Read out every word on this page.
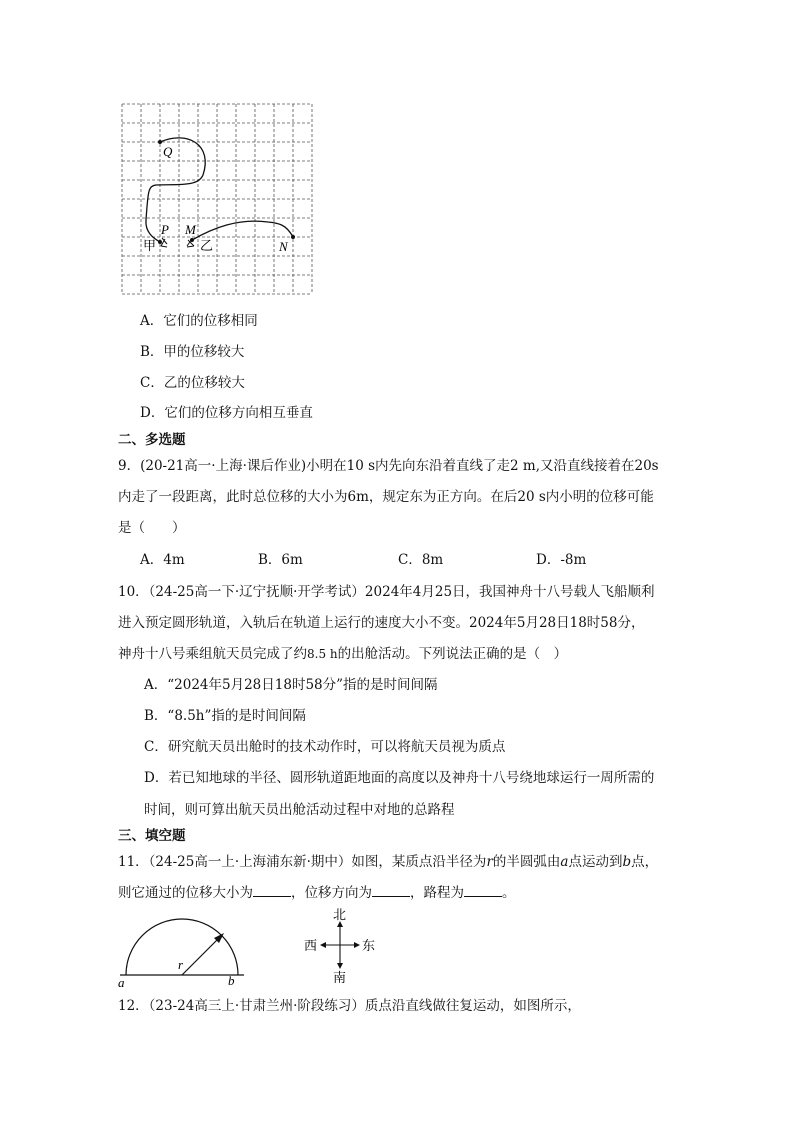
Q
P M
N
甲	乙
A．它们的位移相同
B．甲的位移较大
C．乙的位移较大
D．它们的位移方向相互垂直
二、多选题
9．(20-21高一·上海·课后作业)小明在10 s内先向东沿着直线了走2 m,又沿直线接着在20s
内走了一段距离，此时总位移的大小为6m，规定东为正方向。在后20 s内小明的位移可能
是（　　）
A．4m	B．6m	C．8m	D．-8m
10．（24-25高一下·辽宁抚顺·开学考试）2024年4月25日，我国神舟十八号载人飞船顺利
进入预定圆形轨道，入轨后在轨道上运行的速度大小不变。2024年5月28日18时58分，
神舟十八号乘组航天员完成了约8.5 h的出舱活动。下列说法正确的是（　）
A．“2024年5月28日18时58分”指的是时间间隔
B．“8.5h”指的是时间间隔
C．研究航天员出舱时的技术动作时，可以将航天员视为质点
D．若已知地球的半径、圆形轨道距地面的高度以及神舟十八号绕地球运行一周所需的
时间，则可算出航天员出舱活动过程中对地的总路程
三、填空题
11．（24-25高一上·上海浦东新·期中）如图，某质点沿半径为r的半圆弧由a点运动到b点，
则它通过的位移大小为	，位移方向为	，路程为	。
r
a	b
北
南
西	东
12．（23-24高三上·甘肃兰州·阶段练习）质点沿直线做往复运动，如图所示，
